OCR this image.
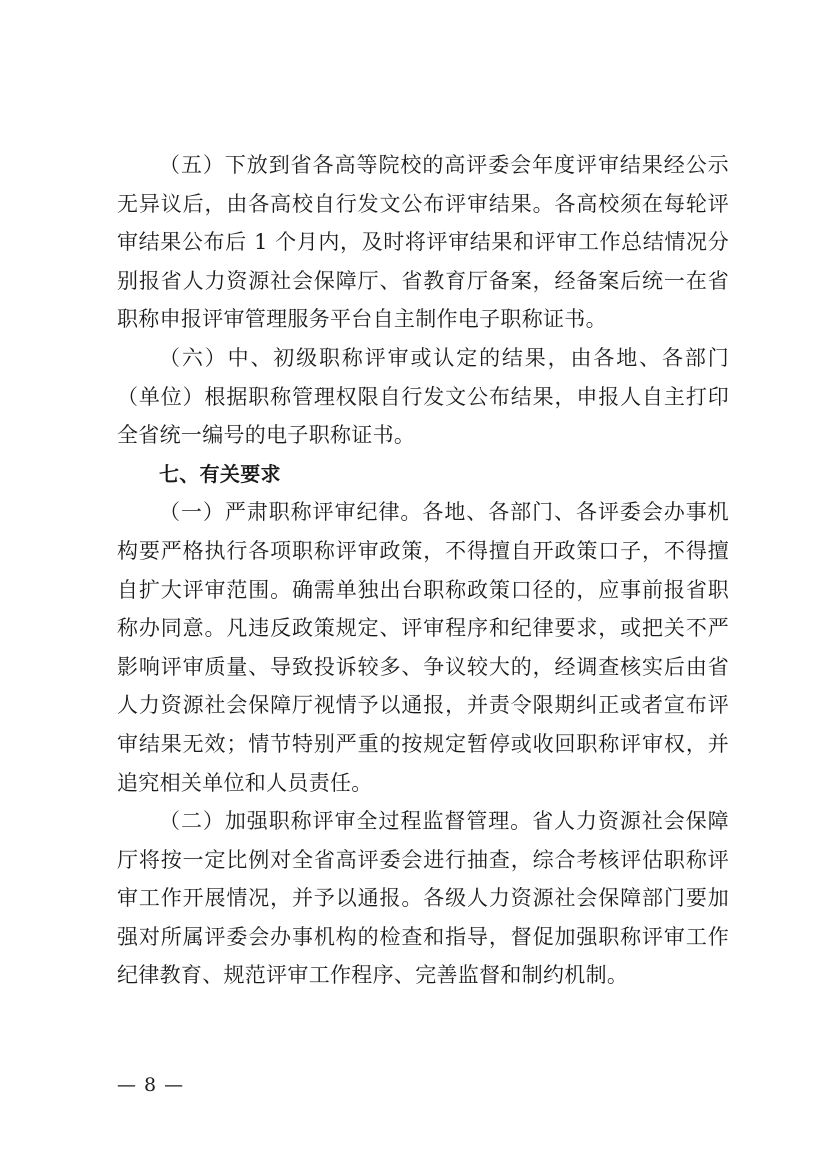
（五）下放到省各高等院校的高评委会年度评审结果经公示无异议后，由各高校自行发文公布评审结果。各高校须在每轮评审结果公布后 1 个月内，及时将评审结果和评审工作总结情况分别报省人力资源社会保障厅、省教育厅备案，经备案后统一在省职称申报评审管理服务平台自主制作电子职称证书。

（六）中、初级职称评审或认定的结果，由各地、各部门（单位）根据职称管理权限自行发文公布结果，申报人自主打印全省统一编号的电子职称证书。

七、有关要求

（一）严肃职称评审纪律。各地、各部门、各评委会办事机构要严格执行各项职称评审政策，不得擅自开政策口子，不得擅自扩大评审范围。确需单独出台职称政策口径的，应事前报省职称办同意。凡违反政策规定、评审程序和纪律要求，或把关不严影响评审质量、导致投诉较多、争议较大的，经调查核实后由省人力资源社会保障厅视情予以通报，并责令限期纠正或者宣布评审结果无效；情节特别严重的按规定暂停或收回职称评审权，并追究相关单位和人员责任。

（二）加强职称评审全过程监督管理。省人力资源社会保障厅将按一定比例对全省高评委会进行抽查，综合考核评估职称评审工作开展情况，并予以通报。各级人力资源社会保障部门要加强对所属评委会办事机构的检查和指导，督促加强职称评审工作纪律教育、规范评审工作程序、完善监督和制约机制。

— 8 —
